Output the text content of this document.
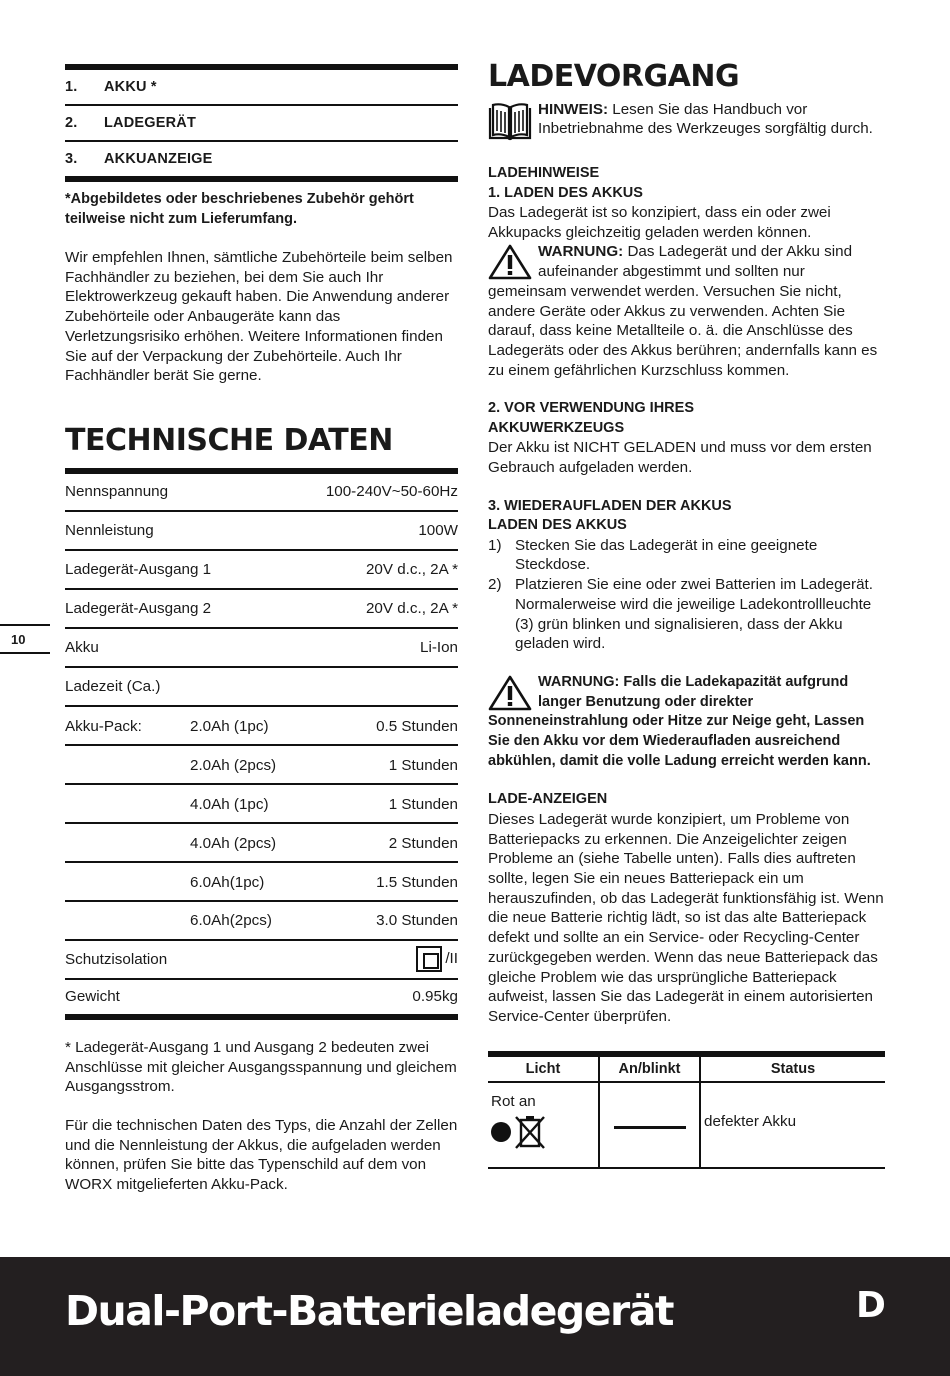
1.	AKKU *
2.	LADEGERÄT
3.	AKKUANZEIGE

*Abgebildetes oder beschriebenes Zubehör gehört teilweise nicht zum Lieferumfang.

Wir empfehlen Ihnen, sämtliche Zubehörteile beim selben Fachhändler zu beziehen, bei dem Sie auch Ihr Elektrowerkzeug gekauft haben. Die Anwendung anderer Zubehörteile oder Anbaugeräte kann das Verletzungsrisiko erhöhen. Weitere Informationen finden Sie auf der Verpackung der Zubehörteile. Auch Ihr Fachhändler berät Sie gerne.

TECHNISCHE DATEN
Nennspannung	100-240V~50-60Hz
Nennleistung	100W
Ladegerät-Ausgang 1	20V d.c., 2A *
Ladegerät-Ausgang 2	20V d.c., 2A *
Akku	Li-Ion
Ladezeit (Ca.)
Akku-Pack:	2.0Ah (1pc)	0.5 Stunden
2.0Ah (2pcs)	1 Stunden
4.0Ah (1pc)	1 Stunden
4.0Ah (2pcs)	2 Stunden
6.0Ah(1pc)	1.5 Stunden
6.0Ah(2pcs)	3.0 Stunden
Schutzisolation	/II
Gewicht	0.95kg

* Ladegerät-Ausgang 1 und Ausgang 2 bedeuten zwei Anschlüsse mit gleicher Ausgangsspannung und gleichem Ausgangsstrom.

Für die technischen Daten des Typs, die Anzahl der Zellen und die Nennleistung der Akkus, die aufgeladen werden können, prüfen Sie bitte das Typenschild auf dem von WORX mitgelieferten Akku-Pack.

10
LADEVORGANG

HINWEIS: Lesen Sie das Handbuch vor Inbetriebnahme des Werkzeuges sorgfältig durch.

LADEHINWEISE

1. LADEN DES AKKUS

Das Ladegerät ist so konzipiert, dass ein oder zwei Akkupacks gleichzeitig geladen werden können.

WARNUNG: Das Ladegerät und der Akku sind aufeinander abgestimmt und sollten nur gemeinsam verwendet werden. Versuchen Sie nicht, andere Geräte oder Akkus zu verwenden. Achten Sie darauf, dass keine Metallteile o. ä. die Anschlüsse des Ladegeräts oder des Akkus berühren; andernfalls kann es zu einem gefährlichen Kurzschluss kommen.

2. VOR VERWENDUNG IHRES

AKKUWERKZEUGS

Der Akku ist NICHT GELADEN und muss vor dem ersten Gebrauch aufgeladen werden.

3. WIEDERAUFLADEN DER AKKUS

LADEN DES AKKUS

1) Stecken Sie das Ladegerät in eine geeignete Steckdose.
2) Platzieren Sie eine oder zwei Batterien im Ladegerät. Normalerweise wird die jeweilige Ladekontrollleuchte (3) grün blinken und signalisieren, dass der Akku geladen wird.
WARNUNG: Falls die Ladekapazität aufgrund langer Benutzung oder direkter Sonneneinstrahlung oder Hitze zur Neige geht, Lassen Sie den Akku vor dem Wiederaufladen ausreichend abkühlen, damit die volle Ladung erreicht werden kann.

LADE-ANZEIGEN

Dieses Ladegerät wurde konzipiert, um Probleme von Batteriepacks zu erkennen. Die Anzeigelichter zeigen Probleme an (siehe Tabelle unten). Falls dies auftreten sollte, legen Sie ein neues Batteriepack ein um herauszufinden, ob das Ladegerät funktionsfähig ist. Wenn die neue Batterie richtig lädt, so ist das alte Batteriepack defekt und sollte an ein Service- oder Recycling-Center zurückgegeben werden. Wenn das neue Batteriepack das gleiche Problem wie das ursprüngliche Batteriepack aufweist, lassen Sie das Ladegerät in einem autorisierten Service-Center überprüfen.

Licht	An/blinkt	Status

Rot an		defekter Akku
Dual-Port-Batterieladegerät	D
